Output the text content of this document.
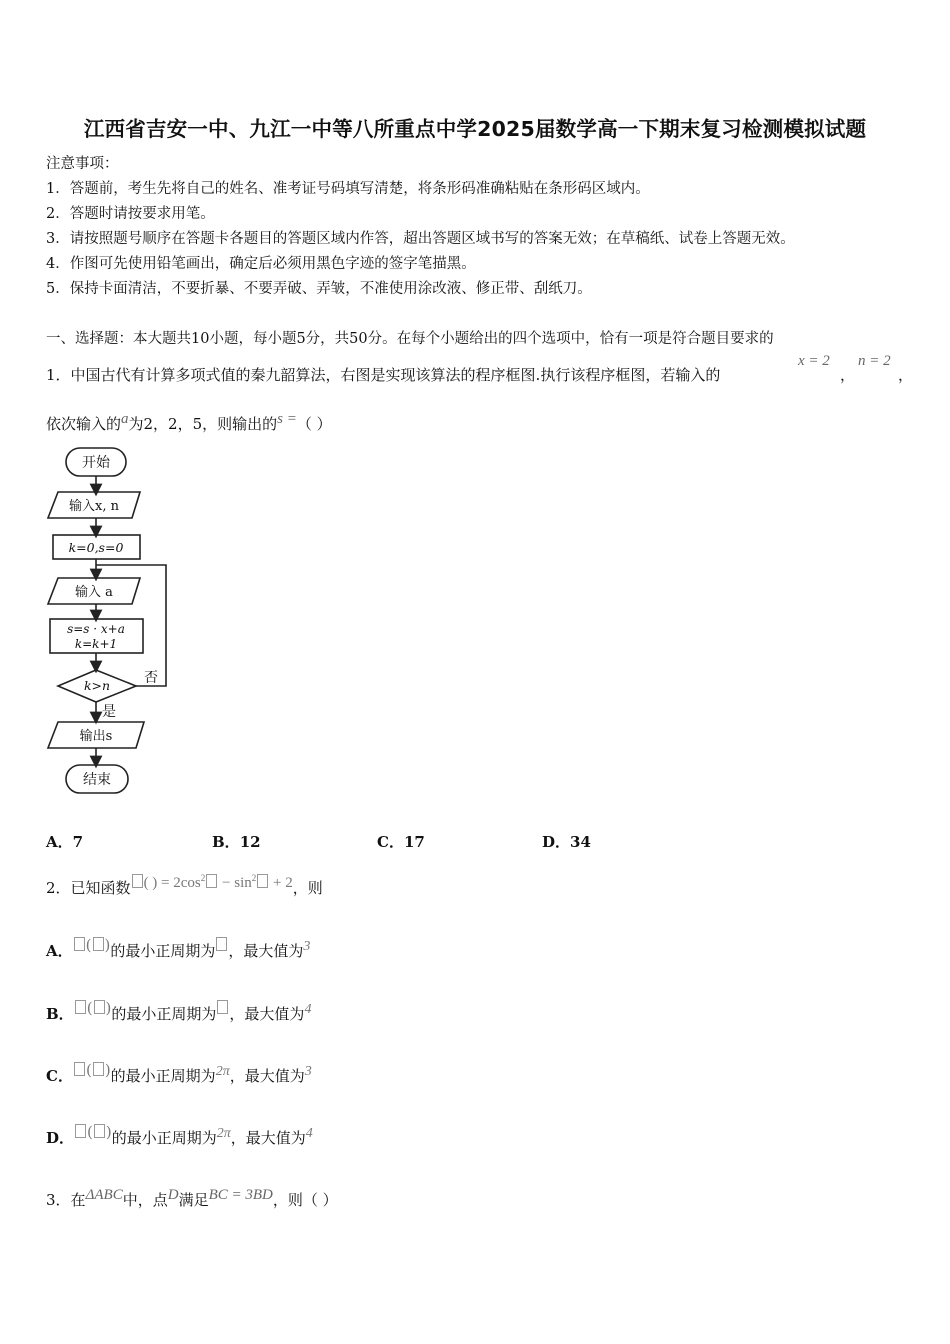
江西省吉安一中、九江一中等八所重点中学2025届数学高一下期末复习检测模拟试题
注意事项：
1．答题前，考生先将自己的姓名、准考证号码填写清楚，将条形码准确粘贴在条形码区域内。
2．答题时请按要求用笔。
3．请按照题号顺序在答题卡各题目的答题区域内作答，超出答题区域书写的答案无效；在草稿纸、试卷上答题无效。
4．作图可先使用铅笔画出，确定后必须用黑色字迹的签字笔描黑。
5．保持卡面清洁，不要折暴、不要弄破、弄皱，不准使用涂改液、修正带、刮纸刀。
一、选择题：本大题共10小题，每小题5分，共50分。在每个小题给出的四个选项中，恰有一项是符合题目要求的
1．中国古代有计算多项式值的秦九韶算法，右图是实现该算法的程序框图.执行该程序框图，若输入的
x = 2
，
n = 2
，
依次输入的a为2，2，5，则输出的s =（ ）
开始
输入x, n
k=0,s=0
输入 a
s=s · x+a
k=k+1
k>n 否
是
输出s
结束
A．7	B．12	C．17	D．34
2．已知函数 ( ) = $2\cos^2 - \sin^2 + 2$，则
A． ( )的最小正周期为 ，最大值为3
B． ( )的最小正周期为 ，最大值为4
C． ( )的最小正周期为2π，最大值为3
D． ( )的最小正周期为2π，最大值为4
3．在ΔABC中，点D满足BC = 3BD，则（ ）
